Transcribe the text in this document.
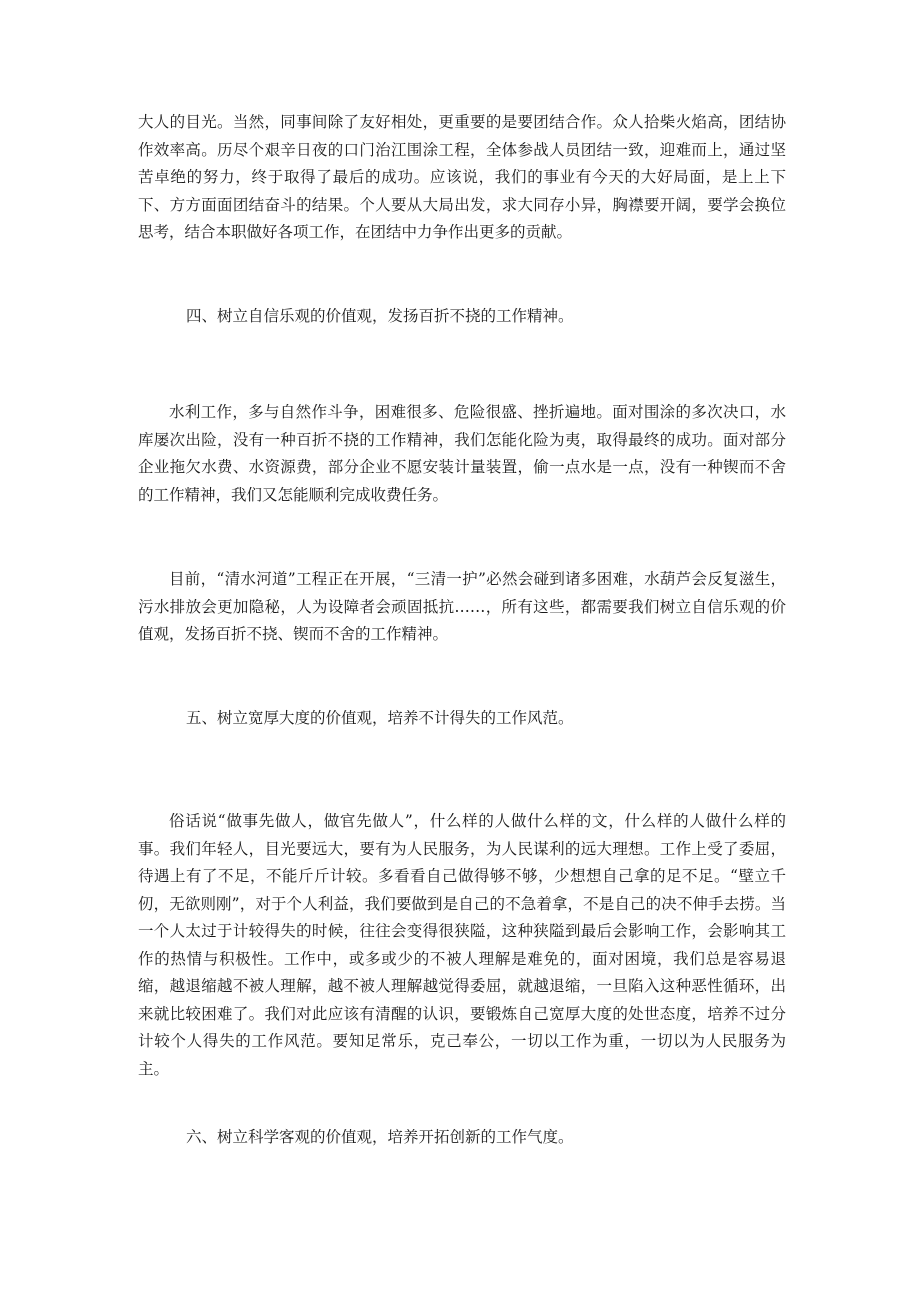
大人的目光。当然，同事间除了友好相处，更重要的是要团结合作。众人拾柴火焰高，团结协作效率高。历尽个艰辛日夜的口门治江围涂工程，全体参战人员团结一致，迎难而上，通过坚苦卓绝的努力，终于取得了最后的成功。应该说，我们的事业有今天的大好局面，是上上下下、方方面面团结奋斗的结果。个人要从大局出发，求大同存小异，胸襟要开阔，要学会换位思考，结合本职做好各项工作，在团结中力争作出更多的贡献。

四、树立自信乐观的价值观，发扬百折不挠的工作精神。

水利工作，多与自然作斗争，困难很多、危险很盛、挫折遍地。面对围涂的多次决口，水库屡次出险，没有一种百折不挠的工作精神，我们怎能化险为夷，取得最终的成功。面对部分企业拖欠水费、水资源费，部分企业不愿安装计量装置，偷一点水是一点，没有一种锲而不舍的工作精神，我们又怎能顺利完成收费任务。

目前，“清水河道”工程正在开展，“三清一护”必然会碰到诸多困难，水葫芦会反复滋生，污水排放会更加隐秘，人为设障者会顽固抵抗……，所有这些，都需要我们树立自信乐观的价值观，发扬百折不挠、锲而不舍的工作精神。

五、树立宽厚大度的价值观，培养不计得失的工作风范。

俗话说“做事先做人，做官先做人”，什么样的人做什么样的文，什么样的人做什么样的事。我们年轻人，目光要远大，要有为人民服务，为人民谋利的远大理想。工作上受了委屈，待遇上有了不足，不能斤斤计较。多看看自己做得够不够，少想想自己拿的足不足。“壁立千仞，无欲则刚”，对于个人利益，我们要做到是自己的不急着拿，不是自己的决不伸手去捞。当一个人太过于计较得失的时候，往往会变得很狭隘，这种狭隘到最后会影响工作，会影响其工作的热情与积极性。工作中，或多或少的不被人理解是难免的，面对困境，我们总是容易退缩，越退缩越不被人理解，越不被人理解越觉得委屈，就越退缩，一旦陷入这种恶性循环，出来就比较困难了。我们对此应该有清醒的认识，要锻炼自己宽厚大度的处世态度，培养不过分计较个人得失的工作风范。要知足常乐，克己奉公，一切以工作为重，一切以为人民服务为主。

六、树立科学客观的价值观，培养开拓创新的工作气度。
